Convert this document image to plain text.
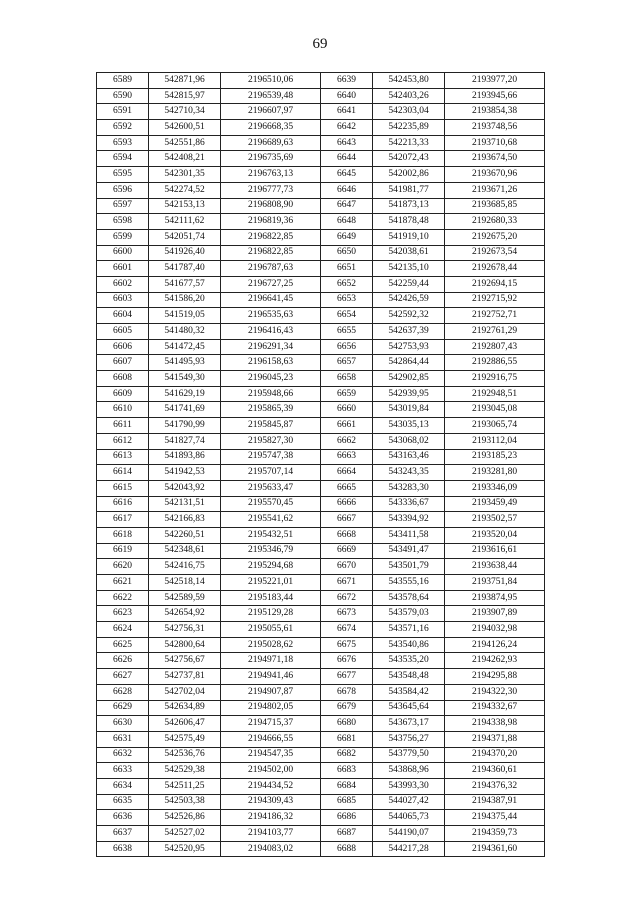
69
6589	542871,96	2196510,06	6639	542453,80	2193977,20
6590	542815,97	2196539,48	6640	542403,26	2193945,66
6591	542710,34	2196607,97	6641	542303,04	2193854,38
6592	542600,51	2196668,35	6642	542235,89	2193748,56
6593	542551,86	2196689,63	6643	542213,33	2193710,68
6594	542408,21	2196735,69	6644	542072,43	2193674,50
6595	542301,35	2196763,13	6645	542002,86	2193670,96
6596	542274,52	2196777,73	6646	541981,77	2193671,26
6597	542153,13	2196808,90	6647	541873,13	2193685,85
6598	542111,62	2196819,36	6648	541878,48	2192680,33
6599	542051,74	2196822,85	6649	541919,10	2192675,20
6600	541926,40	2196822,85	6650	542038,61	2192673,54
6601	541787,40	2196787,63	6651	542135,10	2192678,44
6602	541677,57	2196727,25	6652	542259,44	2192694,15
6603	541586,20	2196641,45	6653	542426,59	2192715,92
6604	541519,05	2196535,63	6654	542592,32	2192752,71
6605	541480,32	2196416,43	6655	542637,39	2192761,29
6606	541472,45	2196291,34	6656	542753,93	2192807,43
6607	541495,93	2196158,63	6657	542864,44	2192886,55
6608	541549,30	2196045,23	6658	542902,85	2192916,75
6609	541629,19	2195948,66	6659	542939,95	2192948,51
6610	541741,69	2195865,39	6660	543019,84	2193045,08
6611	541790,99	2195845,87	6661	543035,13	2193065,74
6612	541827,74	2195827,30	6662	543068,02	2193112,04
6613	541893,86	2195747,38	6663	543163,46	2193185,23
6614	541942,53	2195707,14	6664	543243,35	2193281,80
6615	542043,92	2195633,47	6665	543283,30	2193346,09
6616	542131,51	2195570,45	6666	543336,67	2193459,49
6617	542166,83	2195541,62	6667	543394,92	2193502,57
6618	542260,51	2195432,51	6668	543411,58	2193520,04
6619	542348,61	2195346,79	6669	543491,47	2193616,61
6620	542416,75	2195294,68	6670	543501,79	2193638,44
6621	542518,14	2195221,01	6671	543555,16	2193751,84
6622	542589,59	2195183,44	6672	543578,64	2193874,95
6623	542654,92	2195129,28	6673	543579,03	2193907,89
6624	542756,31	2195055,61	6674	543571,16	2194032,98
6625	542800,64	2195028,62	6675	543540,86	2194126,24
6626	542756,67	2194971,18	6676	543535,20	2194262,93
6627	542737,81	2194941,46	6677	543548,48	2194295,88
6628	542702,04	2194907,87	6678	543584,42	2194322,30
6629	542634,89	2194802,05	6679	543645,64	2194332,67
6630	542606,47	2194715,37	6680	543673,17	2194338,98
6631	542575,49	2194666,55	6681	543756,27	2194371,88
6632	542536,76	2194547,35	6682	543779,50	2194370,20
6633	542529,38	2194502,00	6683	543868,96	2194360,61
6634	542511,25	2194434,52	6684	543993,30	2194376,32
6635	542503,38	2194309,43	6685	544027,42	2194387,91
6636	542526,86	2194186,32	6686	544065,73	2194375,44
6637	542527,02	2194103,77	6687	544190,07	2194359,73
6638	542520,95	2194083,02	6688	544217,28	2194361,60
